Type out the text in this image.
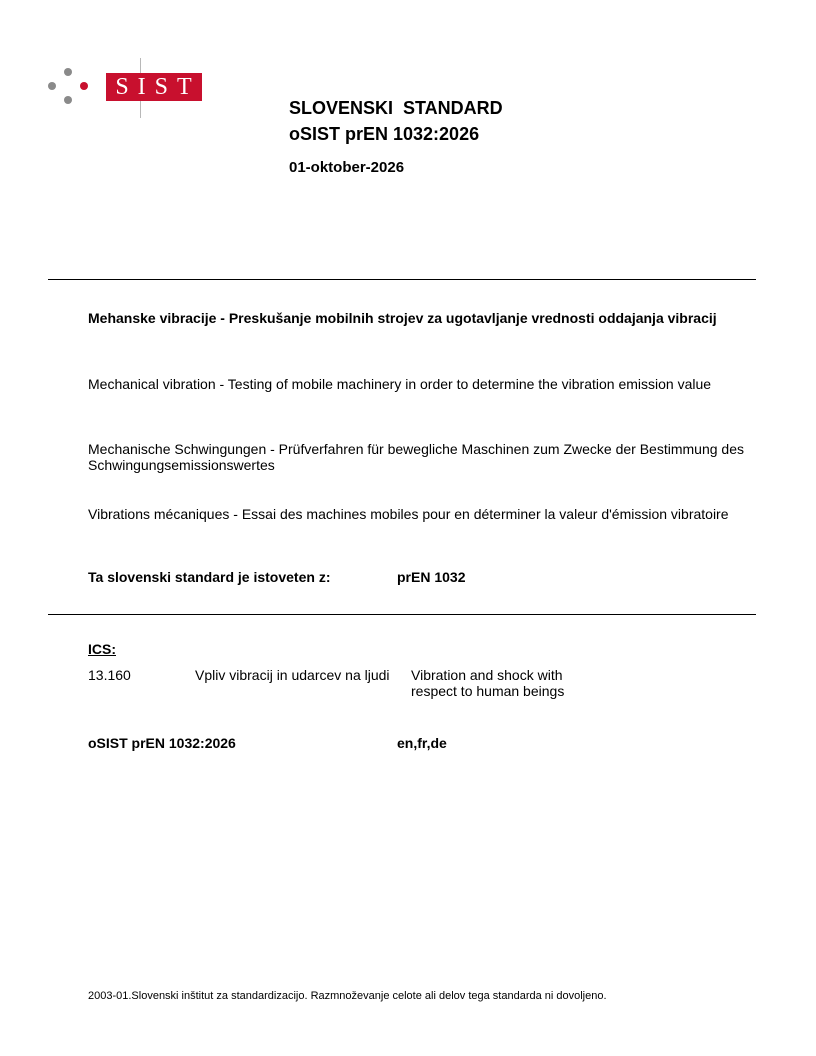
SIST
SLOVENSKI  STANDARD
oSIST prEN 1032:2026
01-oktober-2026
Mehanske vibracije - Preskušanje mobilnih strojev za ugotavljanje vrednosti oddajanja vibracij
Mechanical vibration - Testing of mobile machinery in order to determine the vibration emission value
Mechanische Schwingungen - Prüfverfahren für bewegliche Maschinen zum Zwecke der Bestimmung des Schwingungsemissionswertes
Vibrations mécaniques - Essai des machines mobiles pour en déterminer la valeur d'émission vibratoire
Ta slovenski standard je istoveten z:	prEN 1032
ICS:
13.160	Vpliv vibracij in udarcev na ljudi	Vibration and shock with respect to human beings
oSIST prEN 1032:2026	en,fr,de
2003-01.Slovenski inštitut za standardizacijo. Razmnoževanje celote ali delov tega standarda ni dovoljeno.
